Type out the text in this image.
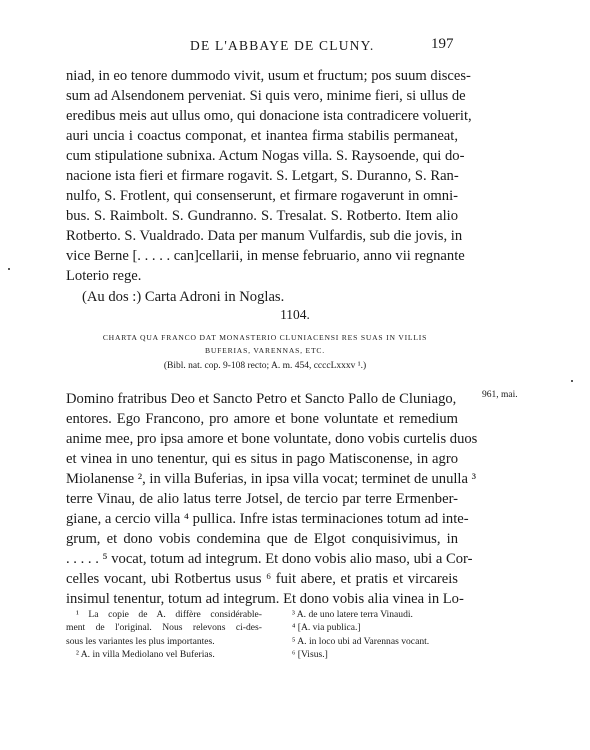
DE L'ABBAYE DE CLUNY.	197
niad, in eo tenore dummodo vivit, usum et fructum; pos suum disces-
sum ad Alsendonem perveniat. Si quis vero, minime fieri, si ullus de
eredibus meis aut ullus omo, qui donacione ista contradicere voluerit,
auri uncia i coactus componat, et inantea firma stabilis permaneat,
cum stipulatione subnixa. Actum Nogas villa. S. Raysoende, qui do-
nacione ista fieri et firmare rogavit. S. Letgart, S. Duranno, S. Ran-
nulfo, S. Frotlent, qui consenserunt, et firmare rogaverunt in omni-
bus. S. Raimbolt. S. Gundranno. S. Tresalat. S. Rotberto. Item alio
Rotberto. S. Vualdrado. Data per manum Vulfardis, sub die jovis, in
vice Berne [. . . . . can]cellarii, in mense februario, anno vii regnante
Loterio rege.
(Au dos :) Carta Adroni in Noglas.
1104.
CHARTA QUA FRANCO DAT MONASTERIO CLUNIACENSI RES SUAS IN VILLIS
BUFERIAS, VARENNAS, ETC.
(Bibl. nat. cop. 9-108 recto; A. m. 454, ccccLxxxv ¹.)
961, mai.
Domino fratribus Deo et Sancto Petro et Sancto Pallo de Cluniago,
entores. Ego Francono, pro amore et bone voluntate et remedium
anime mee, pro ipsa amore et bone voluntate, dono vobis curtelis duos
et vinea in uno tenentur, qui es situs in pago Matisconense, in agro
Miolanense ², in villa Buferias, in ipsa villa vocat; terminet de unulla ³
terre Vinau, de alio latus terre Jotsel, de tercio par terre Ermenber-
giane, a cercio villa ⁴ pullica. Infre istas terminaciones totum ad inte-
grum, et dono vobis condemina que de Elgot conquisivimus, in
. . . . . ⁵ vocat, totum ad integrum. Et dono vobis alio maso, ubi a Cor-
celles vocant, ubi Rotbertus usus ⁶ fuit abere, et pratis et vircareis
insimul tenentur, totum ad integrum. Et dono vobis alia vinea in Lo-
¹ La copie de A. diffère considérable-
ment de l'original. Nous relevons ci-des-
sous les variantes les plus importantes.
² A. in villa Mediolano vel Buferias.
³ A. de uno latere terra Vinaudi.
⁴ [A. via publica.]
⁵ A. in loco ubi ad Varennas vocant.
⁶ [Visus.]
